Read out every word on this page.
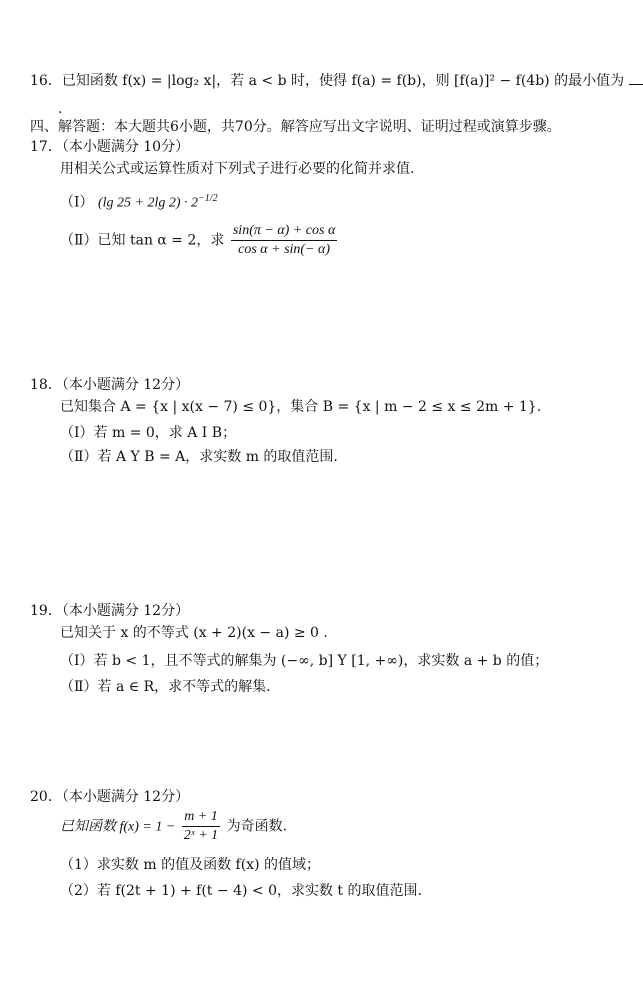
16．已知函数 f(x) = |log₂ x|，若 a < b 时，使得 f(a) = f(b)，则 [f(a)]² − f(4b) 的最小值为
.
四、解答题：本大题共6小题，共70分。解答应写出文字说明、证明过程或演算步骤。
17．（本小题满分 10分）
用相关公式或运算性质对下列式子进行必要的化简并求值.
（Ⅰ） (lg 25 + 2lg $2) \cdot 2^{-1/2}$
（Ⅱ）已知 tan α = 2，求 $\frac{\text{sin(π − α) + cos α}}{\text{cos α + sin(− α)}}$
18．（本小题满分 12分）
已知集合 A = {x | x(x − 7) ≤ 0}，集合 B = {x | m − 2 ≤ x ≤ 2m + 1}.
（Ⅰ）若 m = 0，求 A I B；
（Ⅱ）若 A Y B = A，求实数 m 的取值范围.
19．（本小题满分 12分）
已知关于 x 的不等式 (x + 2)(x − a) ≥ 0 .
（Ⅰ）若 b < 1，且不等式的解集为 (−∞, b] Y [1, +∞)，求实数 a + b 的值；
（Ⅱ）若 a ∈ R，求不等式的解集.
20．（本小题满分 12分）
已知函数 $f(x) = 1 - \frac{m + 1}{\text{2ˣ + 1}}$ 为奇函数.
（1）求实数 m 的值及函数 f(x) 的值域；
（2）若 f(2t + 1) + f(t − 4) < 0，求实数 t 的取值范围.
